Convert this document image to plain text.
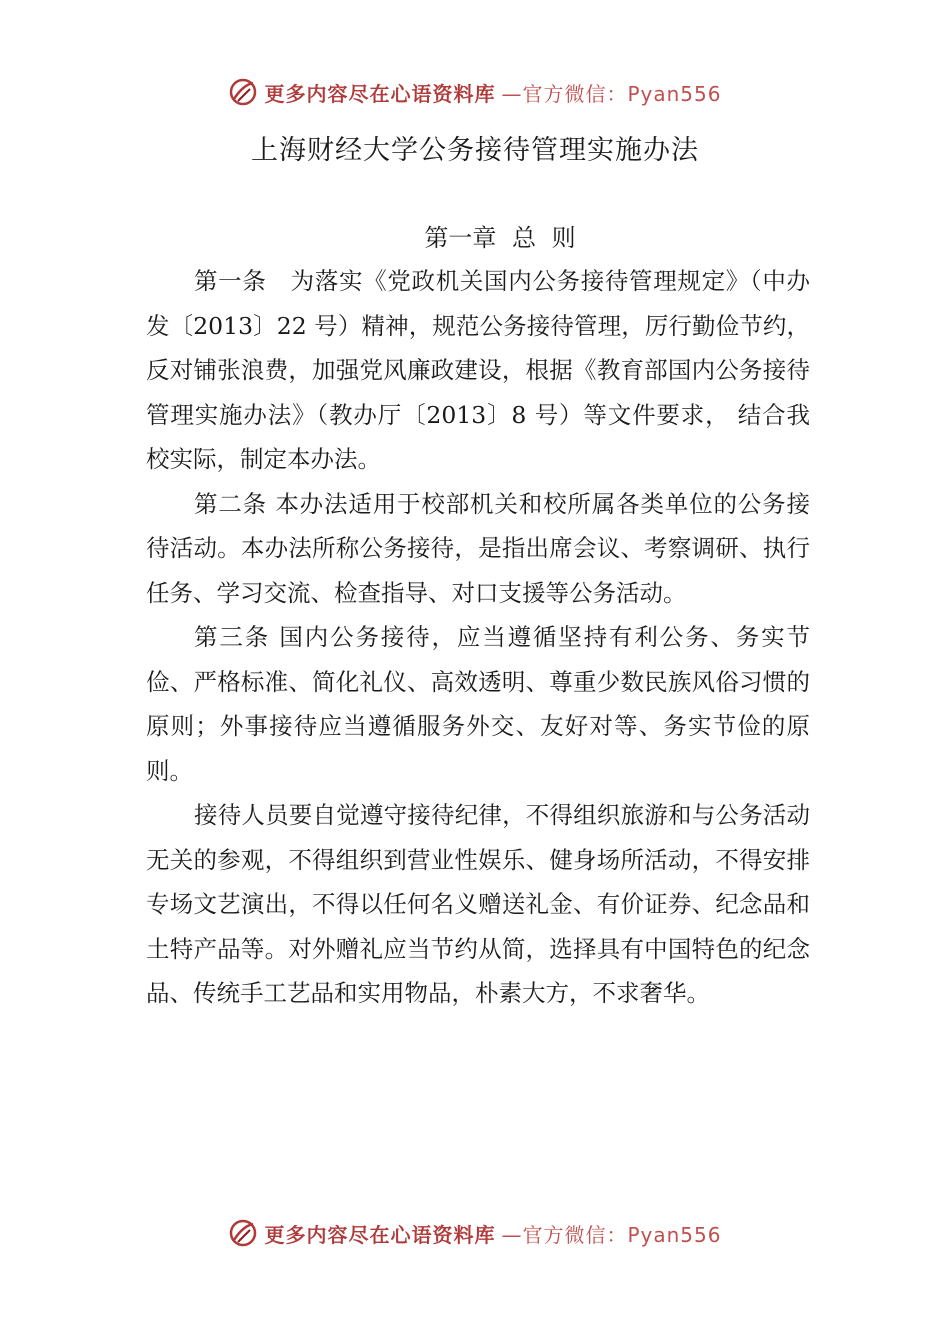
更多内容尽在心语资料库 —官方微信：Pyan556
上海财经大学公务接待管理实施办法
第一章 总 则

第一条　为落实《党政机关国内公务接待管理规定》（中办发〔2013〕22 号）精神，规范公务接待管理，厉行勤俭节约，反对铺张浪费，加强党风廉政建设，根据《教育部国内公务接待管理实施办法》（教办厅〔2013〕8 号）等文件要求， 结合我校实际，制定本办法。

第二条 本办法适用于校部机关和校所属各类单位的公务接待活动。本办法所称公务接待，是指出席会议、考察调研、执行任务、学习交流、检查指导、对口支援等公务活动。

第三条 国内公务接待，应当遵循坚持有利公务、务实节俭、严格标准、简化礼仪、高效透明、尊重少数民族风俗习惯的原则；外事接待应当遵循服务外交、友好对等、务实节俭的原则。

接待人员要自觉遵守接待纪律，不得组织旅游和与公务活动无关的参观，不得组织到营业性娱乐、健身场所活动，不得安排专场文艺演出，不得以任何名义赠送礼金、有价证券、纪念品和土特产品等。对外赠礼应当节约从简，选择具有中国特色的纪念品、传统手工艺品和实用物品，朴素大方，不求奢华。

更多内容尽在心语资料库 —官方微信：Pyan556
